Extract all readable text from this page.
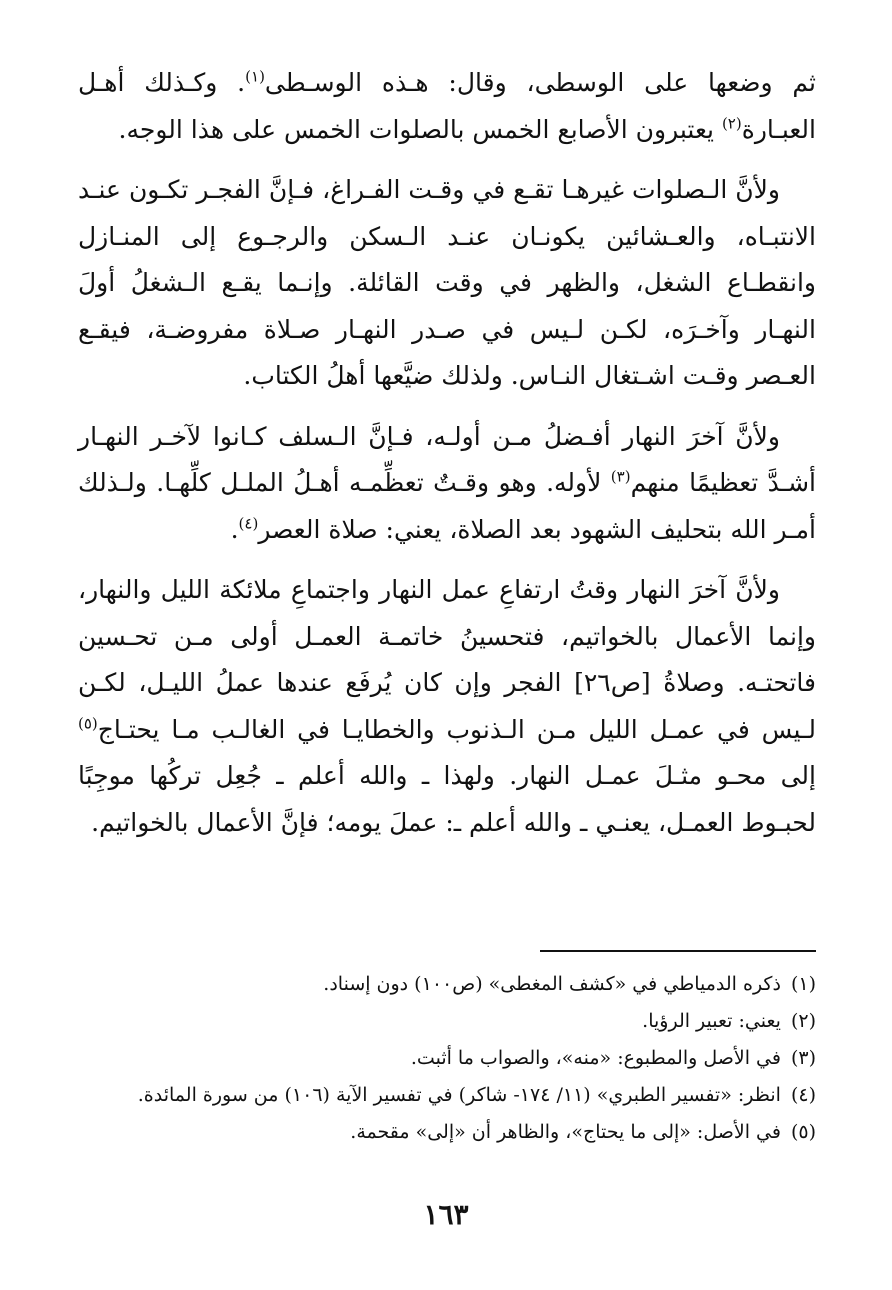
ثم وضعها على الوسطى، وقال: هـذه الوسـطى$^{(١)}$. وكـذلك أهـل العبـارة$^{(٢)}$ يعتبرون الأصابع الخمس بالصلوات الخمس على هذا الوجه.

ولأنَّ الـصلوات غيرهـا تقـع في وقـت الفـراغ، فـإنَّ الفجـر تكـون عنـد الانتبـاه، والعـشائين يكونـان عنـد الـسكن والرجـوع إلى المنـازل وانقطـاع الشغل، والظهر في وقت القائلة. وإنـما يقـع الـشغلُ أولَ النهـار وآخـرَه، لكـن لـيس في صـدر النهـار صـلاة مفروضـة، فيقـع العـصر وقـت اشـتغال النـاس. ولذلك ضيَّعها أهلُ الكتاب.

ولأنَّ آخرَ النهار أفـضلُ مـن أولـه، فـإنَّ الـسلف كـانوا لآخـر النهـار أشـدَّ تعظيمًا منهم$^{(٣)}$ لأوله. وهو وقـتٌ تعظِّمـه أهـلُ الملـل كلِّهـا. ولـذلك أمـر الله بتحليف الشهود بعد الصلاة، يعني: صلاة العصر$^{(٤)}$.

ولأنَّ آخرَ النهار وقتُ ارتفاعِ عمل النهار واجتماعِ ملائكة الليل والنهار، وإنما الأعمال بالخواتيم، فتحسينُ خاتمـة العمـل أولى مـن تحـسين فاتحتـه. وصلاةُ [ص٢٦] الفجر وإن كان يُرفَع عندها عملُ الليـل، لكـن لـيس في عمـل الليل مـن الـذنوب والخطايـا في الغالـب مـا يحتـاج$^{(٥)}$ إلى محـو مثـلَ عمـل النهار. ولهذا ـ والله أعلم ـ جُعِل تركُها موجِبًا لحبـوط العمـل، يعنـي ـ والله أعلم ـ: عملَ يومه؛ فإنَّ الأعمال بالخواتيم.

(١)ذكره الدمياطي في «كشف المغطى» (ص١٠٠) دون إسناد.
(٢)يعني: تعبير الرؤيا.
(٣)في الأصل والمطبوع: «منه»، والصواب ما أثبت.
(٤)انظر: «تفسير الطبري» (١١/ ١٧٤- شاكر) في تفسير الآية (١٠٦) من سورة المائدة.
(٥)في الأصل: «إلى ما يحتاج»، والظاهر أن «إلى» مقحمة.
١٦٣
